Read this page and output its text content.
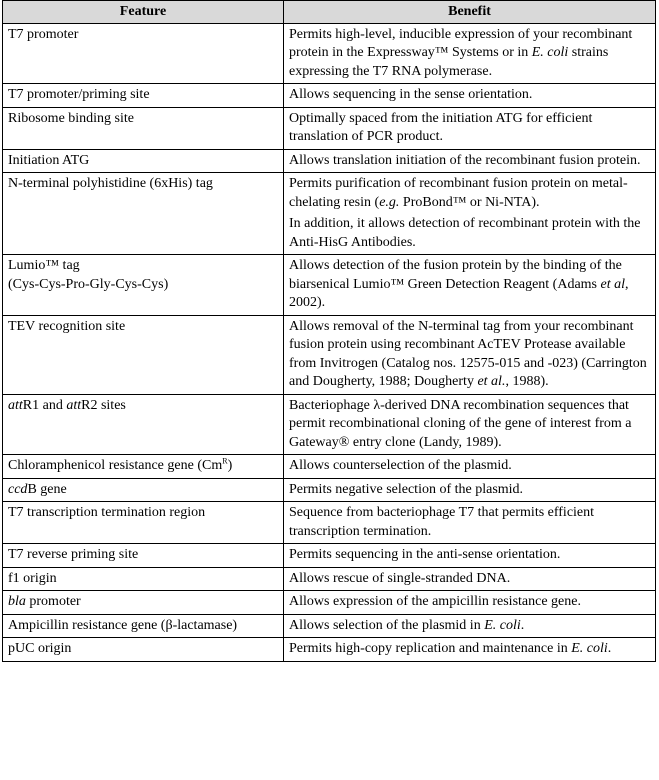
Feature	Benefit
T7 promoter	Permits high-level, inducible expression of your recombinant protein in the Expressway™ Systems or in E. coli strains expressing the T7 RNA polymerase.

T7 promoter/priming site	Allows sequencing in the sense orientation.

Ribosome binding site	Optimally spaced from the initiation ATG for efficient translation of PCR product.

Initiation ATG	Allows translation initiation of the recombinant fusion protein.

N-terminal polyhistidine (6xHis) tag	Permits purification of recombinant fusion protein on metal-chelating resin (e.g. ProBond™ or Ni-NTA).

In addition, it allows detection of recombinant protein with the Anti-HisG Antibodies.

Lumio™ tag
(Cys-Cys-Pro-Gly-Cys-Cys)	Allows detection of the fusion protein by the binding of the biarsenical Lumio™ Green Detection Reagent (Adams et al, 2002).

TEV recognition site	Allows removal of the N-terminal tag from your recombinant fusion protein using recombinant AcTEV Protease available from Invitrogen (Catalog nos. 12575-015 and -023) (Carrington and Dougherty, 1988; Dougherty et al., 1988).

attR1 and attR2 sites	Bacteriophage λ-derived DNA recombination sequences that permit recombinational cloning of the gene of interest from a Gateway® entry clone (Landy, 1989).

Chloramphenicol resistance gene $(Cm^R)$	Allows counterselection of the plasmid.

ccdB gene	Permits negative selection of the plasmid.

T7 transcription termination region	Sequence from bacteriophage T7 that permits efficient transcription termination.

T7 reverse priming site	Permits sequencing in the anti-sense orientation.

f1 origin	Allows rescue of single-stranded DNA.

bla promoter	Allows expression of the ampicillin resistance gene.

Ampicillin resistance gene (β-lactamase)	Allows selection of the plasmid in E. coli.

pUC origin	Permits high-copy replication and maintenance in E. coli.
